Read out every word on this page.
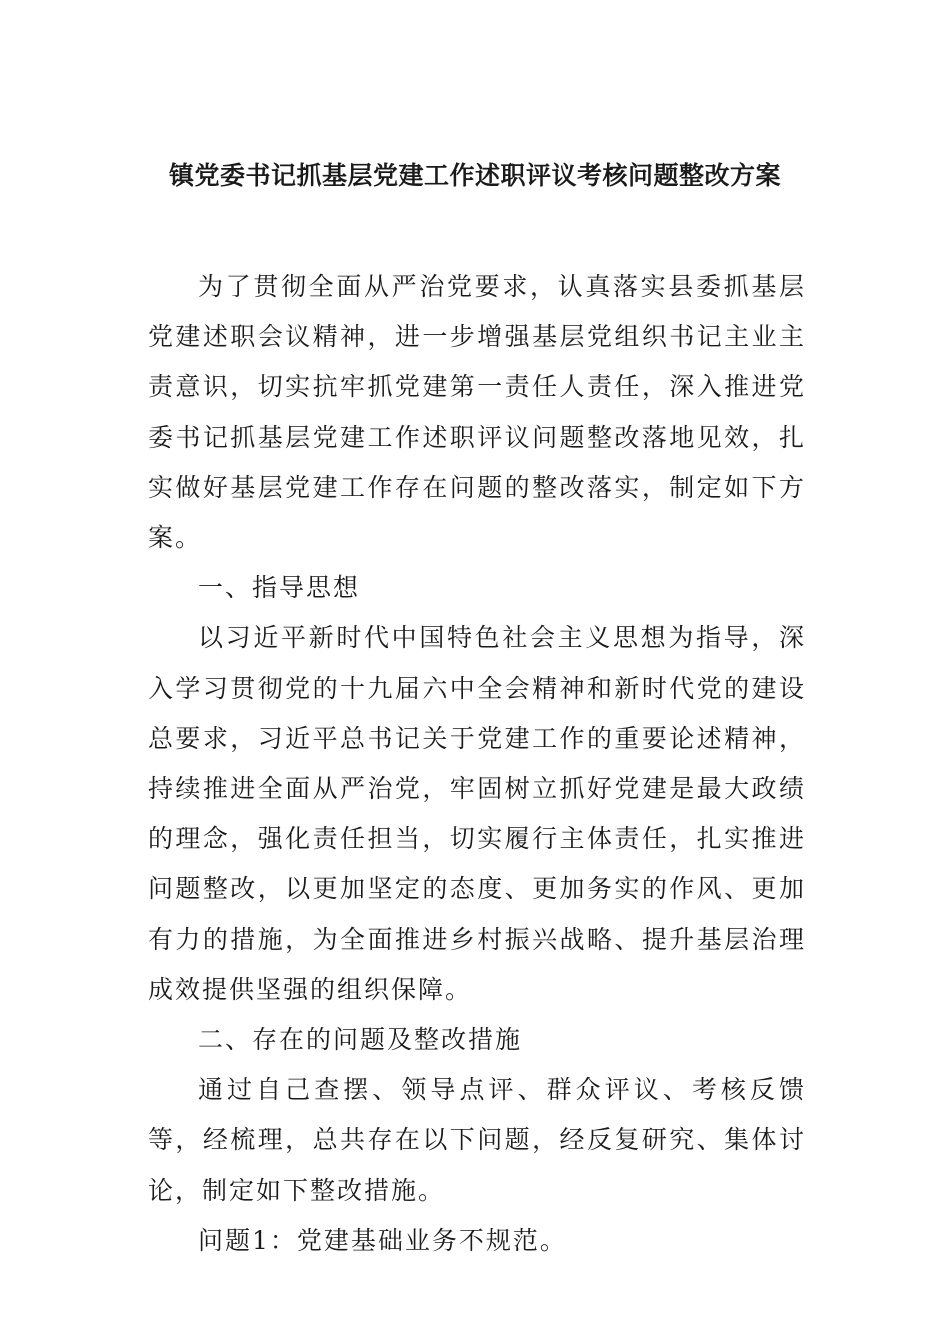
镇党委书记抓基层党建工作述职评议考核问题整改方案

为了贯彻全面从严治党要求，认真落实县委抓基层党建述职会议精神，进一步增强基层党组织书记主业主责意识，切实抗牢抓党建第一责任人责任，深入推进党委书记抓基层党建工作述职评议问题整改落地见效，扎实做好基层党建工作存在问题的整改落实，制定如下方案。

一、指导思想

以习近平新时代中国特色社会主义思想为指导，深入学习贯彻党的十九届六中全会精神和新时代党的建设总要求，习近平总书记关于党建工作的重要论述精神，持续推进全面从严治党，牢固树立抓好党建是最大政绩的理念，强化责任担当，切实履行主体责任，扎实推进问题整改，以更加坚定的态度、更加务实的作风、更加有力的措施，为全面推进乡村振兴战略、提升基层治理成效提供坚强的组织保障。

二、存在的问题及整改措施

通过自己查摆、领导点评、群众评议、考核反馈等，经梳理，总共存在以下问题，经反复研究、集体讨论，制定如下整改措施。

问题1：党建基础业务不规范。
